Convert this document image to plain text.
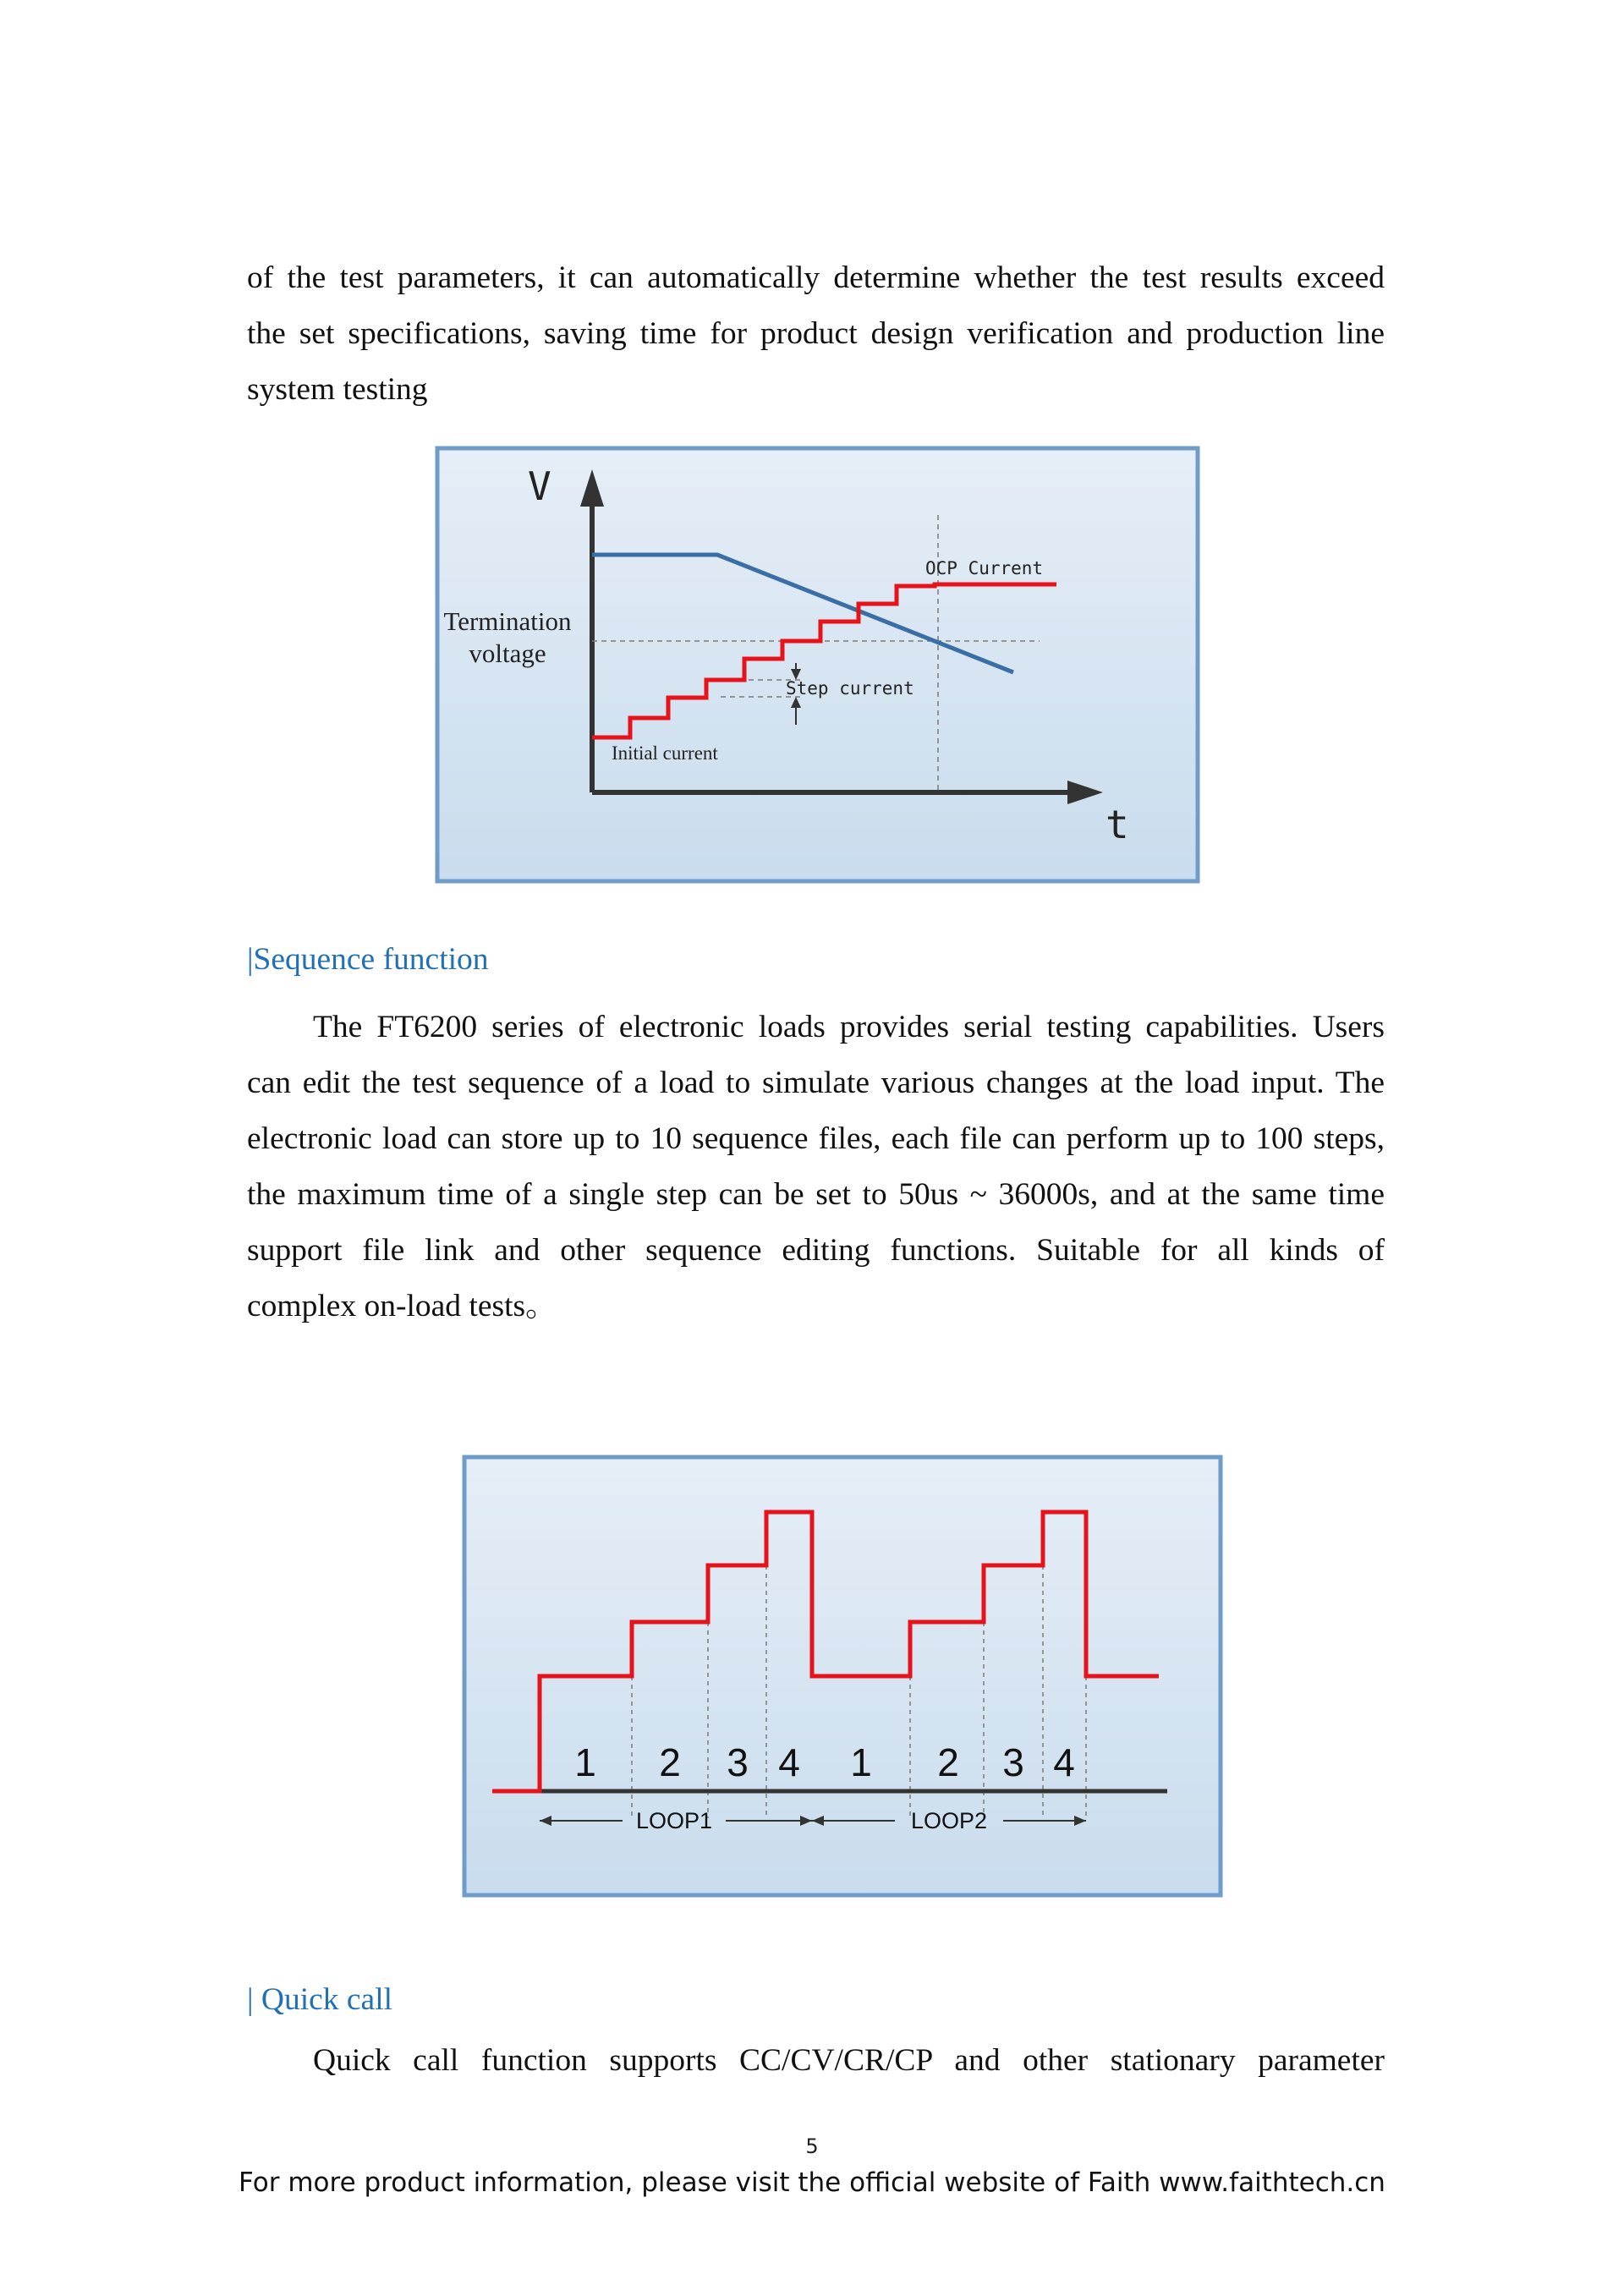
of the test parameters, it can automatically determine whether the test results exceed
the set specifications, saving time for product design verification and production line
system testing
V
t
Termination
voltage
OCP Current
Step current
Initial current
|Sequence function
The FT6200 series of electronic loads provides serial testing capabilities. Users
can edit the test sequence of a load to simulate various changes at the load input. The
electronic load can store up to 10 sequence files, each file can perform up to 100 steps,
the maximum time of a single step can be set to 50us ~ 36000s, and at the same time
support file link and other sequence editing functions. Suitable for all kinds of
complex on-load tests。
1 2 3 4 1 2 3 4
LOOP1	LOOP2
| Quick call
Quick call function supports CC/CV/CR/CP and other stationary parameter
5
For more product information, please visit the official website of Faith www.faithtech.cn
